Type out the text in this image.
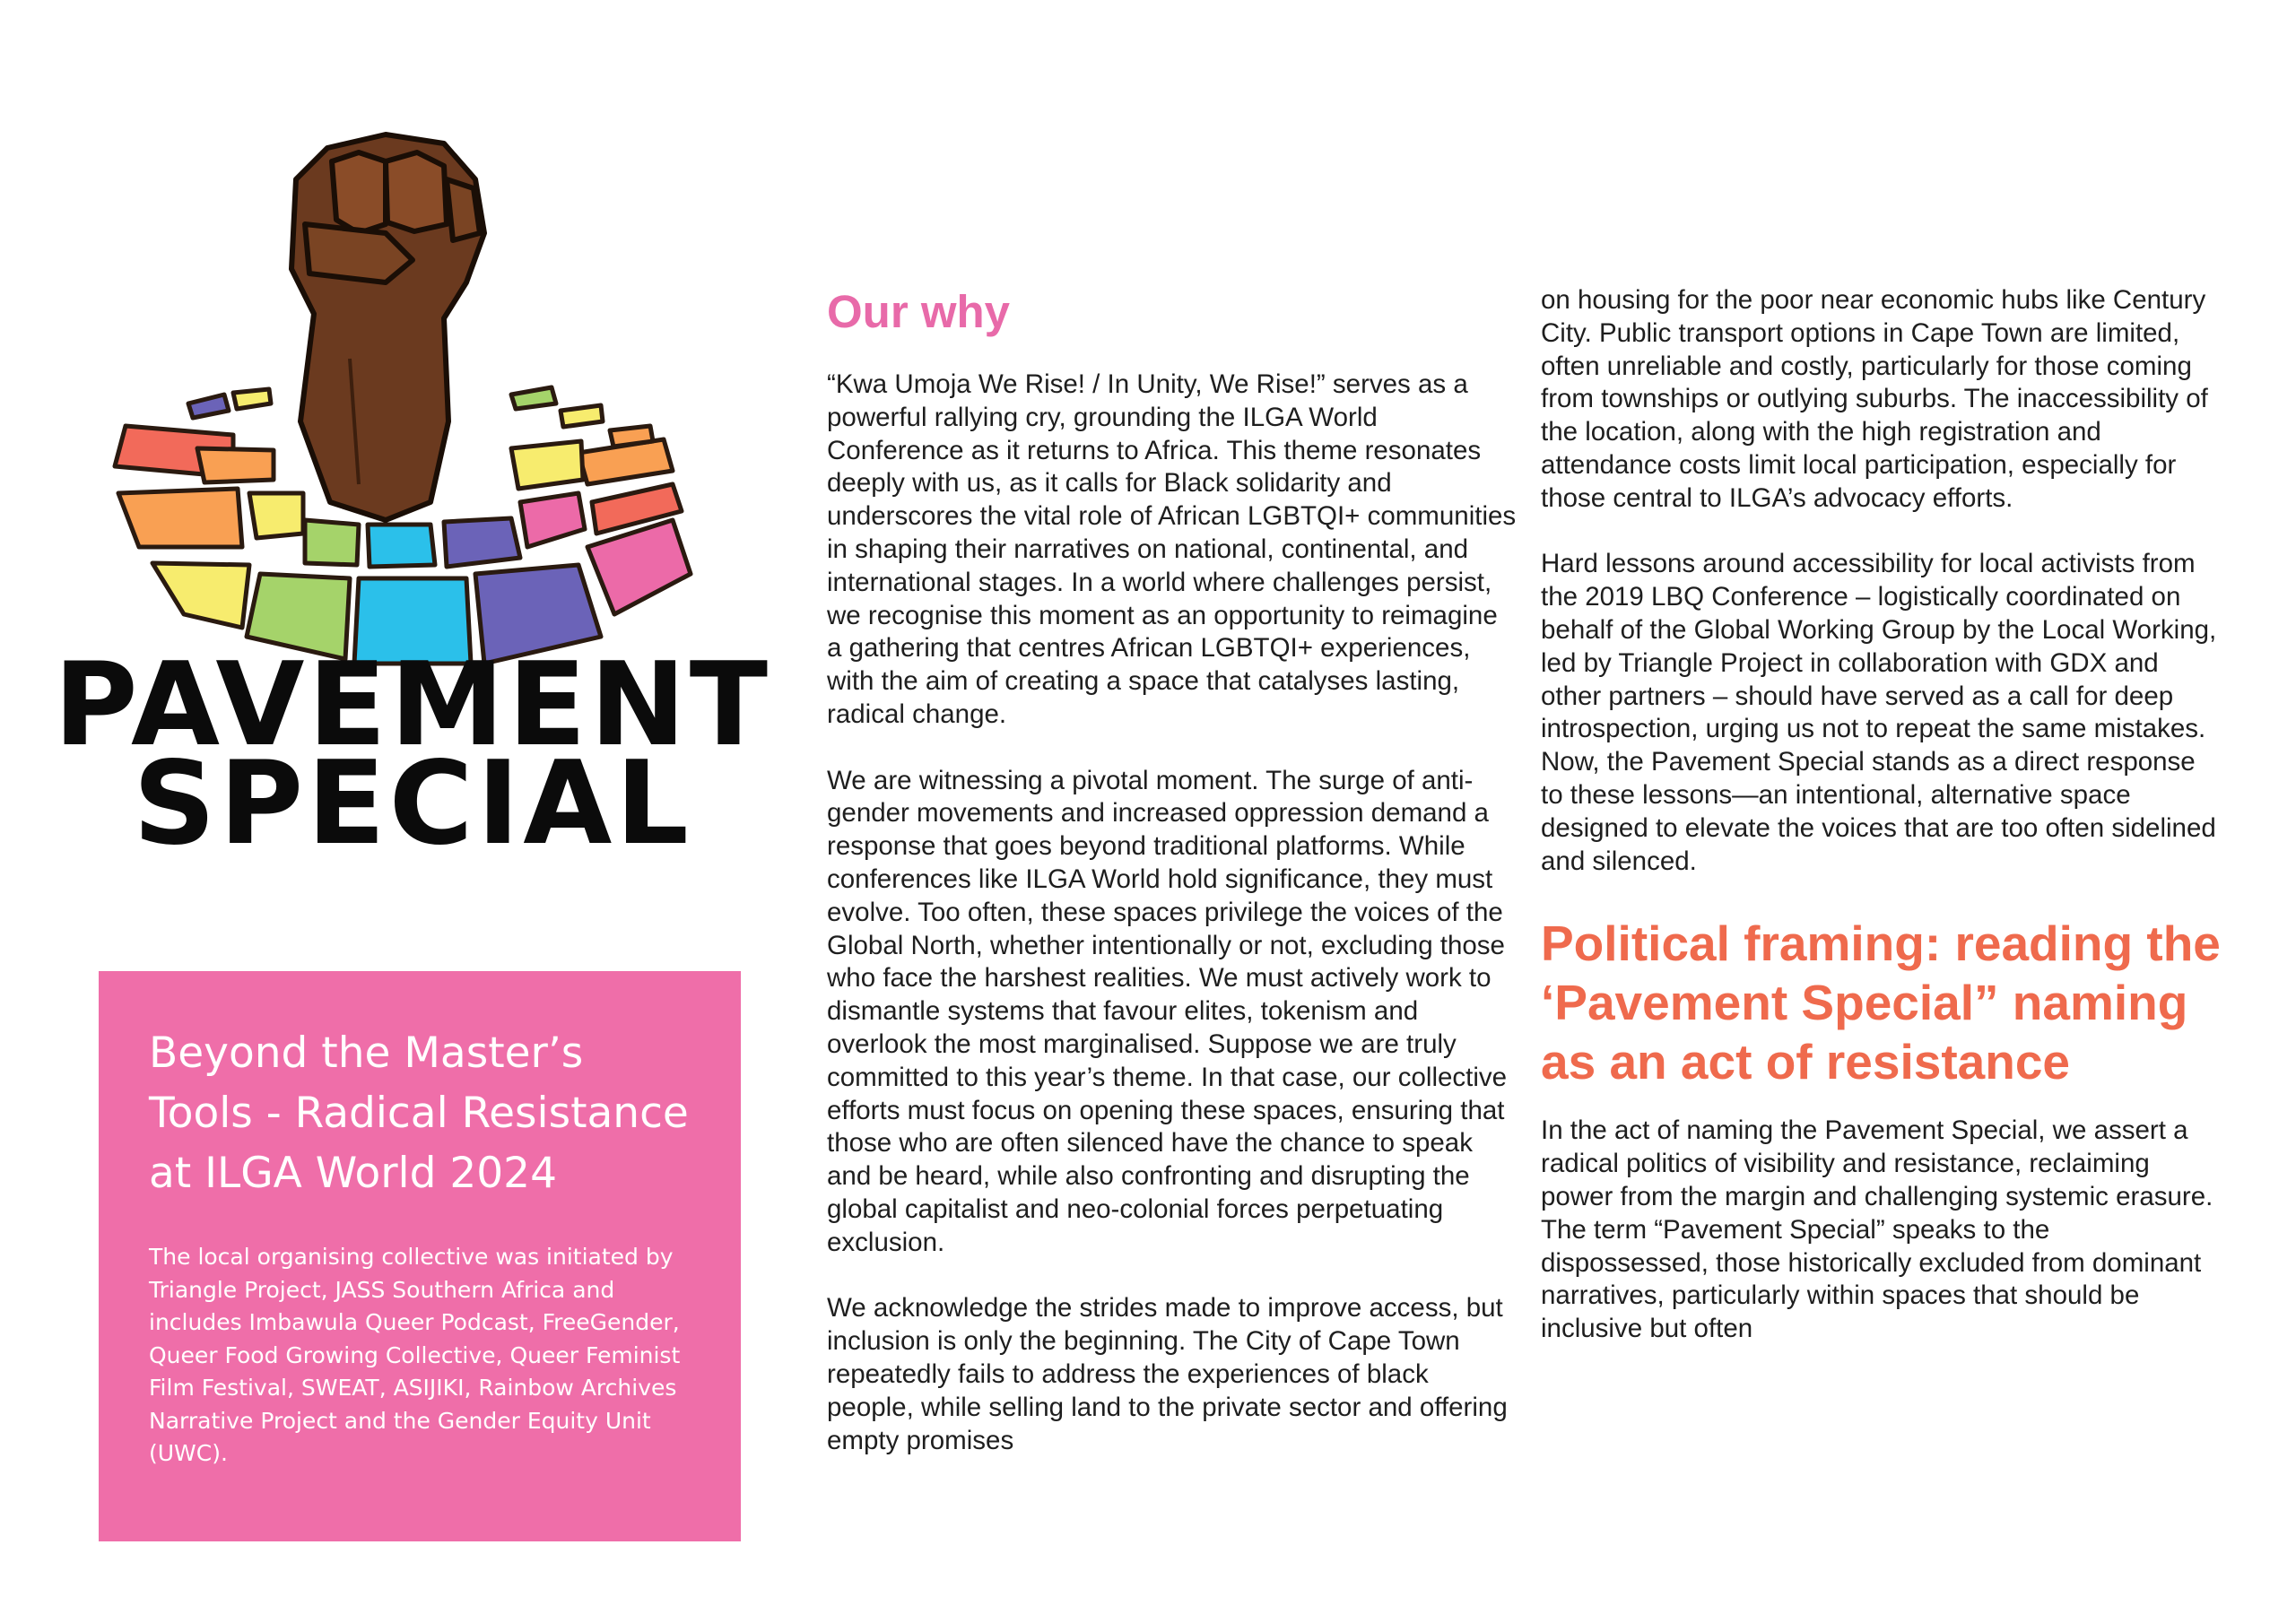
PAVEMENT
SPECIAL
Beyond the Master’s Tools - Radical Resistance at ILGA World 2024

The local organising collective was initiated by Triangle Project, JASS Southern Africa and includes Imbawula Queer Podcast, FreeGender, Queer Food Growing Collective, Queer Feminist Film Festival, SWEAT, ASIJIKI, Rainbow Archives Narrative Project and the Gender Equity Unit (UWC).

Our why

“Kwa Umoja We Rise! / In Unity, We Rise!” serves as a powerful rallying cry, grounding the ILGA World Conference as it returns to Africa. This theme resonates deeply with us, as it calls for Black solidarity and underscores the vital role of African LGBTQI+ communities in shaping their narratives on national, continental, and international stages. In a world where challenges persist, we recognise this moment as an opportunity to reimagine a gathering that centres African LGBTQI+ experiences, with the aim of creating a space that catalyses lasting, radical change.

We are witnessing a pivotal moment. The surge of anti-gender movements and increased oppression demand a response that goes beyond traditional platforms. While conferences like ILGA World hold significance, they must evolve. Too often, these spaces privilege the voices of the Global North, whether intentionally or not, excluding those who face the harshest realities. We must actively work to dismantle systems that favour elites, tokenism and overlook the most marginalised. Suppose we are truly committed to this year’s theme. In that case, our collective efforts must focus on opening these spaces, ensuring that those who are often silenced have the chance to speak and be heard, while also confronting and disrupting the global capitalist and neo-colonial forces perpetuating exclusion.

We acknowledge the strides made to improve access, but inclusion is only the beginning. The City of Cape Town repeatedly fails to address the experiences of black people, while selling land to the private sector and offering empty promises

on housing for the poor near economic hubs like Century City. Public transport options in Cape Town are limited, often unreliable and costly, particularly for those coming from townships or outlying suburbs. The inaccessibility of the location, along with the high registration and attendance costs limit local participation, especially for those central to ILGA’s advocacy efforts.

Hard lessons around accessibility for local activists from the 2019 LBQ Conference – logistically coordinated on behalf of the Global Working Group by the Local Working, led by Triangle Project in collaboration with GDX and other partners – should have served as a call for deep introspection, urging us not to repeat the same mistakes. Now, the Pavement Special stands as a direct response to these lessons—an intentional, alternative space designed to elevate the voices that are too often sidelined and silenced.

Political framing: reading the ‘Pavement Special” naming as an act of resistance

In the act of naming the Pavement Special, we assert a radical politics of visibility and resistance, reclaiming power from the margin and challenging systemic erasure. The term “Pavement Special” speaks to the dispossessed, those historically excluded from dominant narratives, particularly within spaces that should be inclusive but often
